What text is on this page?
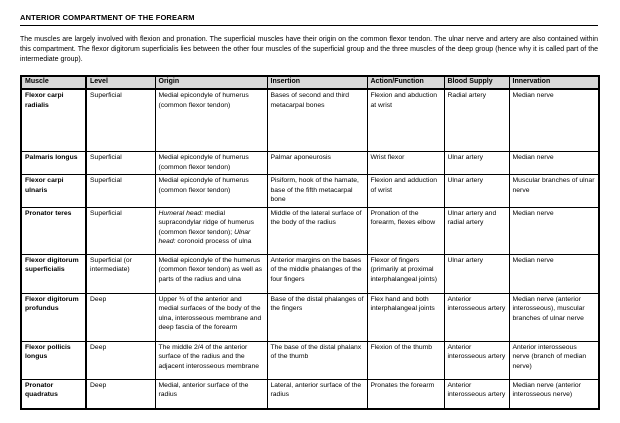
ANTERIOR COMPARTMENT OF THE FOREARM
The muscles are largely involved with flexion and pronation. The superficial muscles have their origin on the common flexor tendon. The ulnar nerve and artery are also contained within this compartment. The flexor digitorum superficialis lies between the other four muscles of the superficial group and the three muscles of the deep group (hence why it is called part of the intermediate group).
Muscle	Level	Origin	Insertion	Action/Function	Blood Supply	Innervation
Flexor carpi radialis	Superficial	Medial epicondyle of humerus (common flexor tendon)	Bases of second and third metacarpal bones	Flexion and abduction at wrist	Radial artery	Median nerve
Palmaris longus	Superficial	Medial epicondyle of humerus (common flexor tendon)	Palmar aponeurosis	Wrist flexor	Ulnar artery	Median nerve
Flexor carpi ulnaris	Superficial	Medial epicondyle of humerus (common flexor tendon)	Pisiform, hook of the hamate, base of the fifth metacarpal bone	Flexion and adduction of wrist	Ulnar artery	Muscular branches of ulnar nerve
Pronator teres	Superficial	Humeral head: medial supracondylar ridge of humerus (common flexor tendon); Ulnar head: coronoid process of ulna	Middle of the lateral surface of the body of the radius	Pronation of the forearm, flexes elbow	Ulnar artery and radial artery	Median nerve
Flexor digitorum superficialis	Superficial (or intermediate)	Medial epicondyle of the humerus (common flexor tendon) as well as parts of the radius and ulna	Anterior margins on the bases of the middle phalanges of the four fingers	Flexor of fingers (primarily at proximal interphalangeal joints)	Ulnar artery	Median nerve
Flexor digitorum profundus	Deep	Upper ¾ of the anterior and medial surfaces of the body of the ulna, interosseous membrane and deep fascia of the forearm	Base of the distal phalanges of the fingers	Flex hand and both interphalangeal joints	Anterior interosseous artery	Median nerve (anterior interosseous), muscular branches of ulnar nerve
Flexor pollicis longus	Deep	The middle 2/4 of the anterior surface of the radius and the adjacent interosseous membrane	The base of the distal phalanx of the thumb	Flexion of the thumb	Anterior interosseous artery	Anterior interosseous nerve (branch of median nerve)
Pronator quadratus	Deep	Medial, anterior surface of the radius	Lateral, anterior surface of the radius	Pronates the forearm	Anterior interosseous artery	Median nerve (anterior interosseous nerve)
